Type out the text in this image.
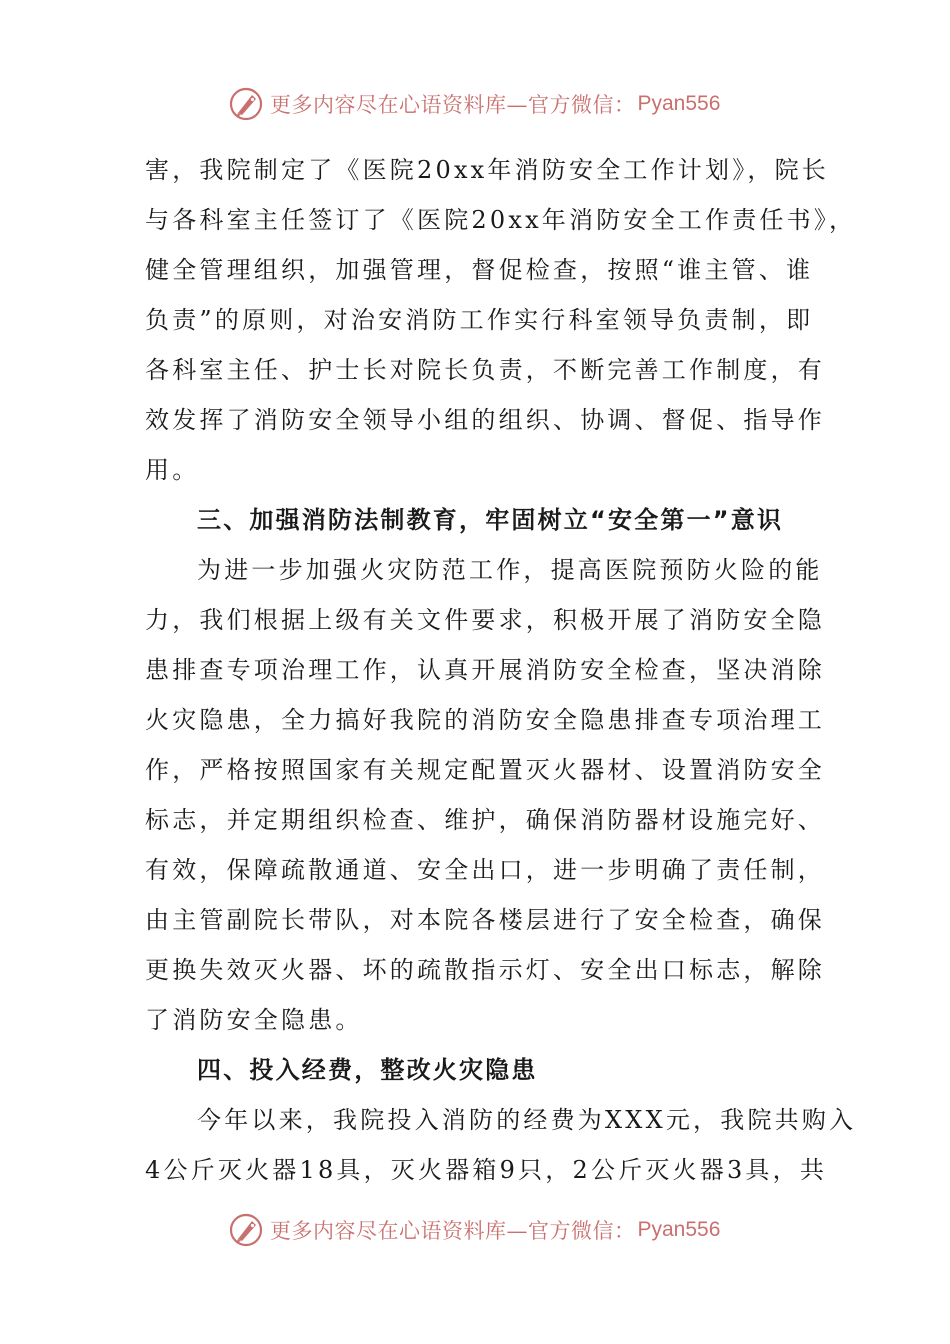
更多内容尽在心语资料库—官方微信： Pyan556
害，我院制定了《医院20xx年消防安全工作计划》，院长
与各科室主任签订了《医院20xx年消防安全工作责任书》，
健全管理组织，加强管理，督促检查，按照“谁主管、谁
负责”的原则，对治安消防工作实行科室领导负责制，即
各科室主任、护士长对院长负责，不断完善工作制度，有
效发挥了消防安全领导小组的组织、协调、督促、指导作
用。
三、加强消防法制教育，牢固树立“安全第一”意识
为进一步加强火灾防范工作，提高医院预防火险的能
力，我们根据上级有关文件要求，积极开展了消防安全隐
患排查专项治理工作，认真开展消防安全检查，坚决消除
火灾隐患，全力搞好我院的消防安全隐患排查专项治理工
作，严格按照国家有关规定配置灭火器材、设置消防安全
标志，并定期组织检查、维护，确保消防器材设施完好、
有效，保障疏散通道、安全出口，进一步明确了责任制，
由主管副院长带队，对本院各楼层进行了安全检查，确保
更换失效灭火器、坏的疏散指示灯、安全出口标志，解除
了消防安全隐患。
四、投入经费，整改火灾隐患
今年以来，我院投入消防的经费为XXX元，我院共购入
4公斤灭火器18具，灭火器箱9只，2公斤灭火器3具，共
更多内容尽在心语资料库—官方微信： Pyan556
